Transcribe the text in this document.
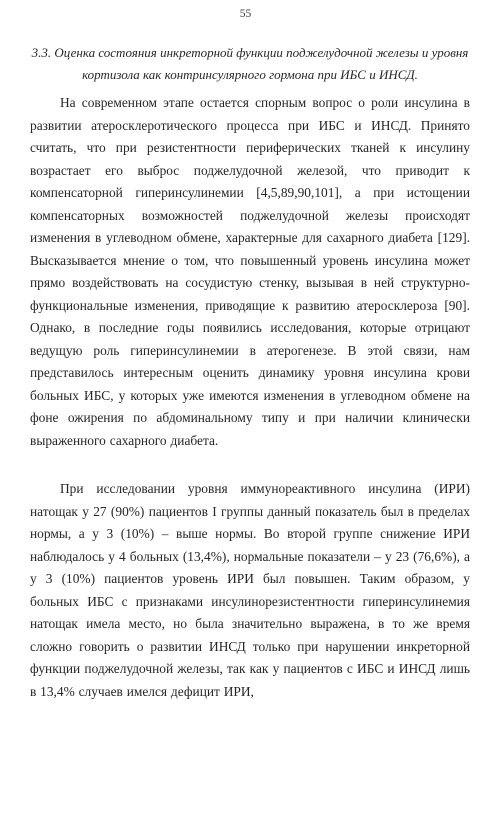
55
3.3. Оценка состояния инкреторной функции поджелудочной железы и уровня кортизола как контринсулярного гормона при ИБС и ИНСД.

На современном этапе остается спорным вопрос о роли инсулина в развитии атеросклеротического процесса при ИБС и ИНСД. Принято считать, что при резистентности периферических тканей к инсулину возрастает его выброс поджелудочной железой, что приводит к компенсаторной гиперинсулинемии [4,5,89,90,101], а при истощении компенсаторных возможностей поджелудочной железы происходят изменения в углеводном обмене, характерные для сахарного диабета [129]. Высказывается мнение о том, что повышенный уровень инсулина может прямо воздействовать на сосудистую стенку, вызывая в ней структурно-функциональные изменения, приводящие к развитию атеросклероза [90]. Однако, в последние годы появились исследования, которые отрицают ведущую роль гиперинсулинемии в атерогенезе. В этой связи, нам представилось интересным оценить динамику уровня инсулина крови больных ИБС, у которых уже имеются изменения в углеводном обмене на фоне ожирения по абдоминальному типу и при наличии клинически выраженного сахарного диабета.

При исследовании уровня иммунореактивного инсулина (ИРИ) натощак у 27 (90%) пациентов I группы данный показатель был в пределах нормы, а у 3 (10%) – выше нормы. Во второй группе снижение ИРИ наблюдалось у 4 больных (13,4%), нормальные показатели – у 23 (76,6%), а у 3 (10%) пациентов уровень ИРИ был повышен. Таким образом, у больных ИБС с признаками инсулинорезистентности гиперинсулинемия натощак имела место, но была значительно выражена, в то же время сложно говорить о развитии ИНСД только при нарушении инкреторной функции поджелудочной железы, так как у пациентов с ИБС и ИНСД лишь в 13,4% случаев имелся дефицит ИРИ,
